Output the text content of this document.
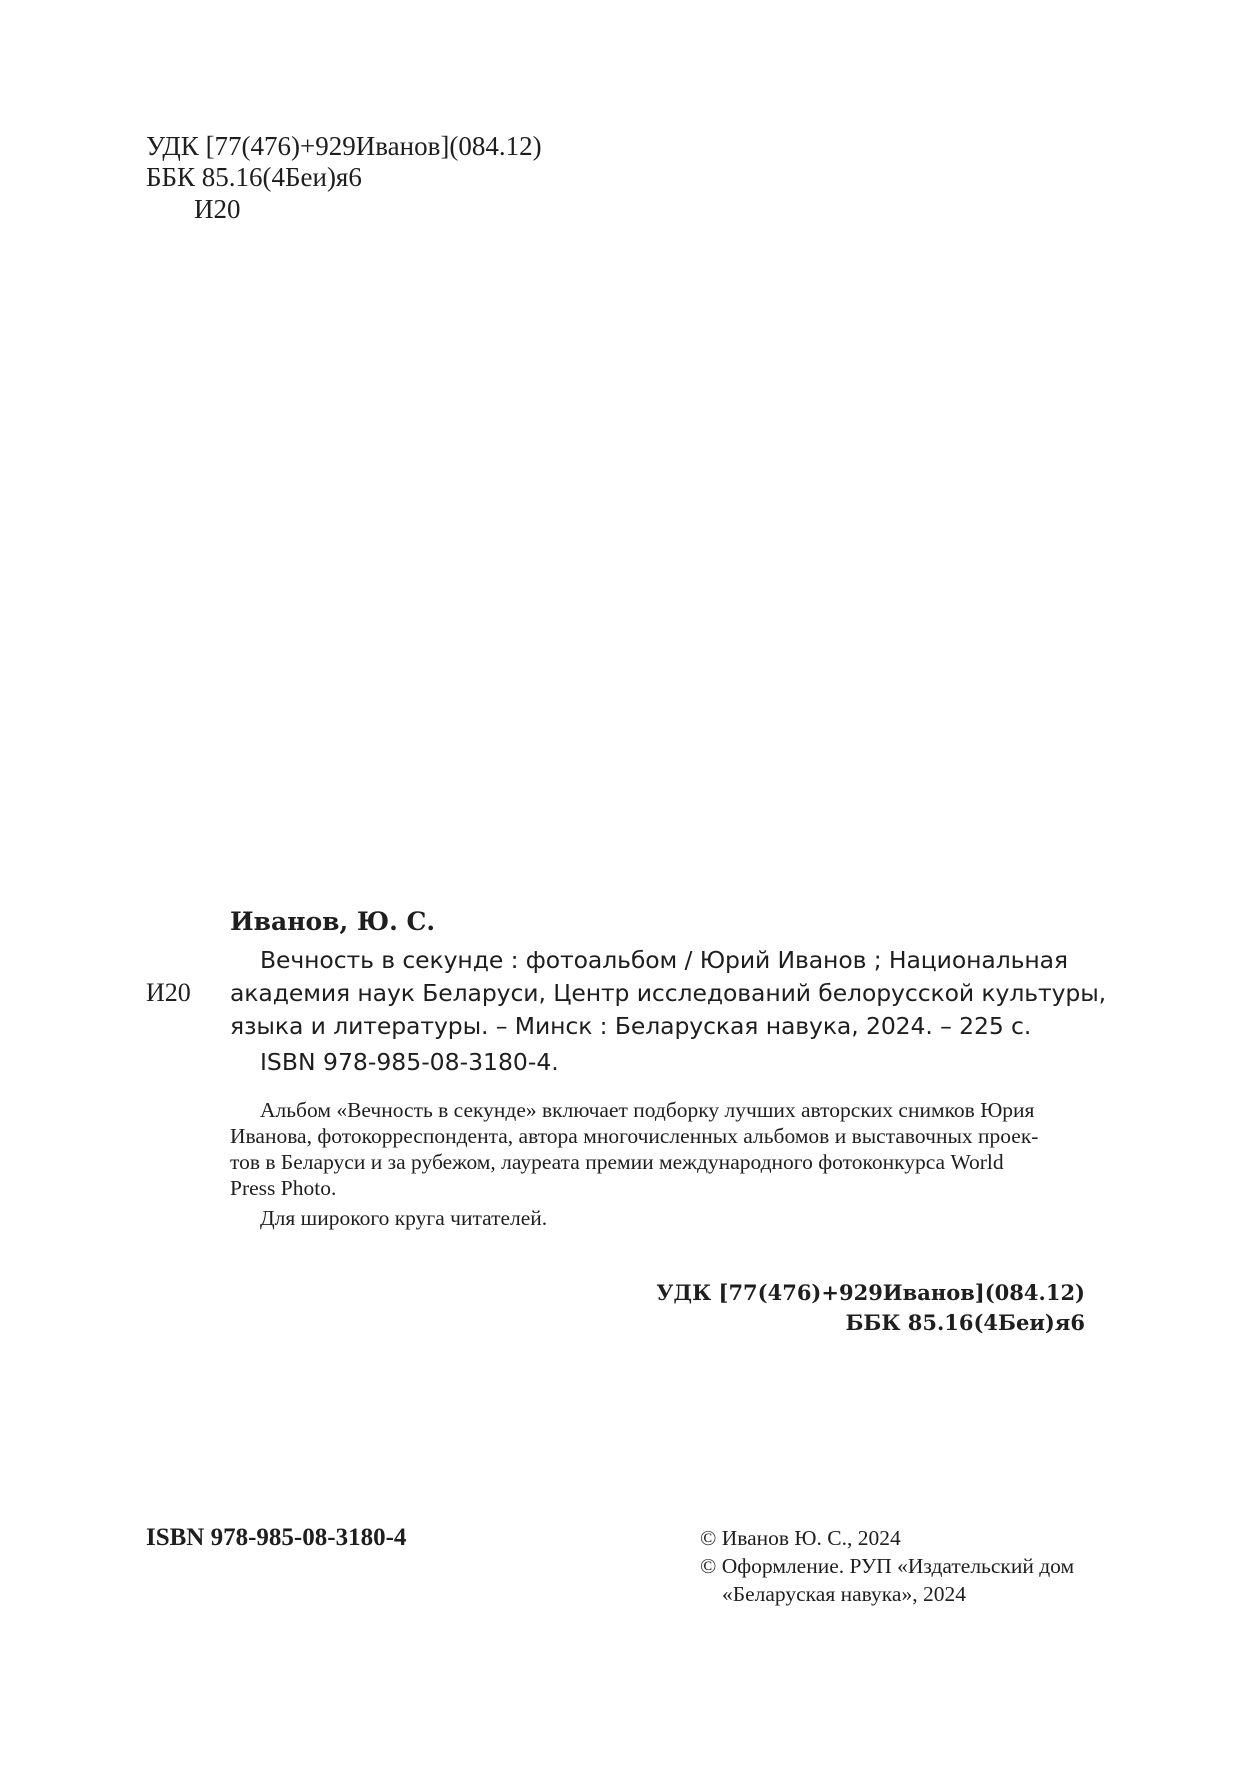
УДК [77(476)+929Иванов](084.12)
ББК 85.16(4Беи)я6
И20
Иванов, Ю. С.
И20
Вечность в секунде : фотоальбом / Юрий Иванов ; Национальная
академия наук Беларуси, Центр исследований белорусской культуры,
языка и литературы. – Минск : Беларуская навука, 2024. – 225 с.
ISBN 978-985-08-3180-4.
Альбом «Вечность в секунде» включает подборку лучших авторских снимков Юрия
Иванова, фотокорреспондента, автора многочисленных альбомов и выставочных проек-
тов в Беларуси и за рубежом, лауреата премии международного фотоконкурса World
Press Photo.
Для широкого круга читателей.
УДК [77(476)+929Иванов](084.12)
ББК 85.16(4Беи)я6
ISBN 978-985-08-3180-4	© Иванов Ю. С., 2024
© Оформление. РУП «Издательский дом
«Беларуская навука», 2024
